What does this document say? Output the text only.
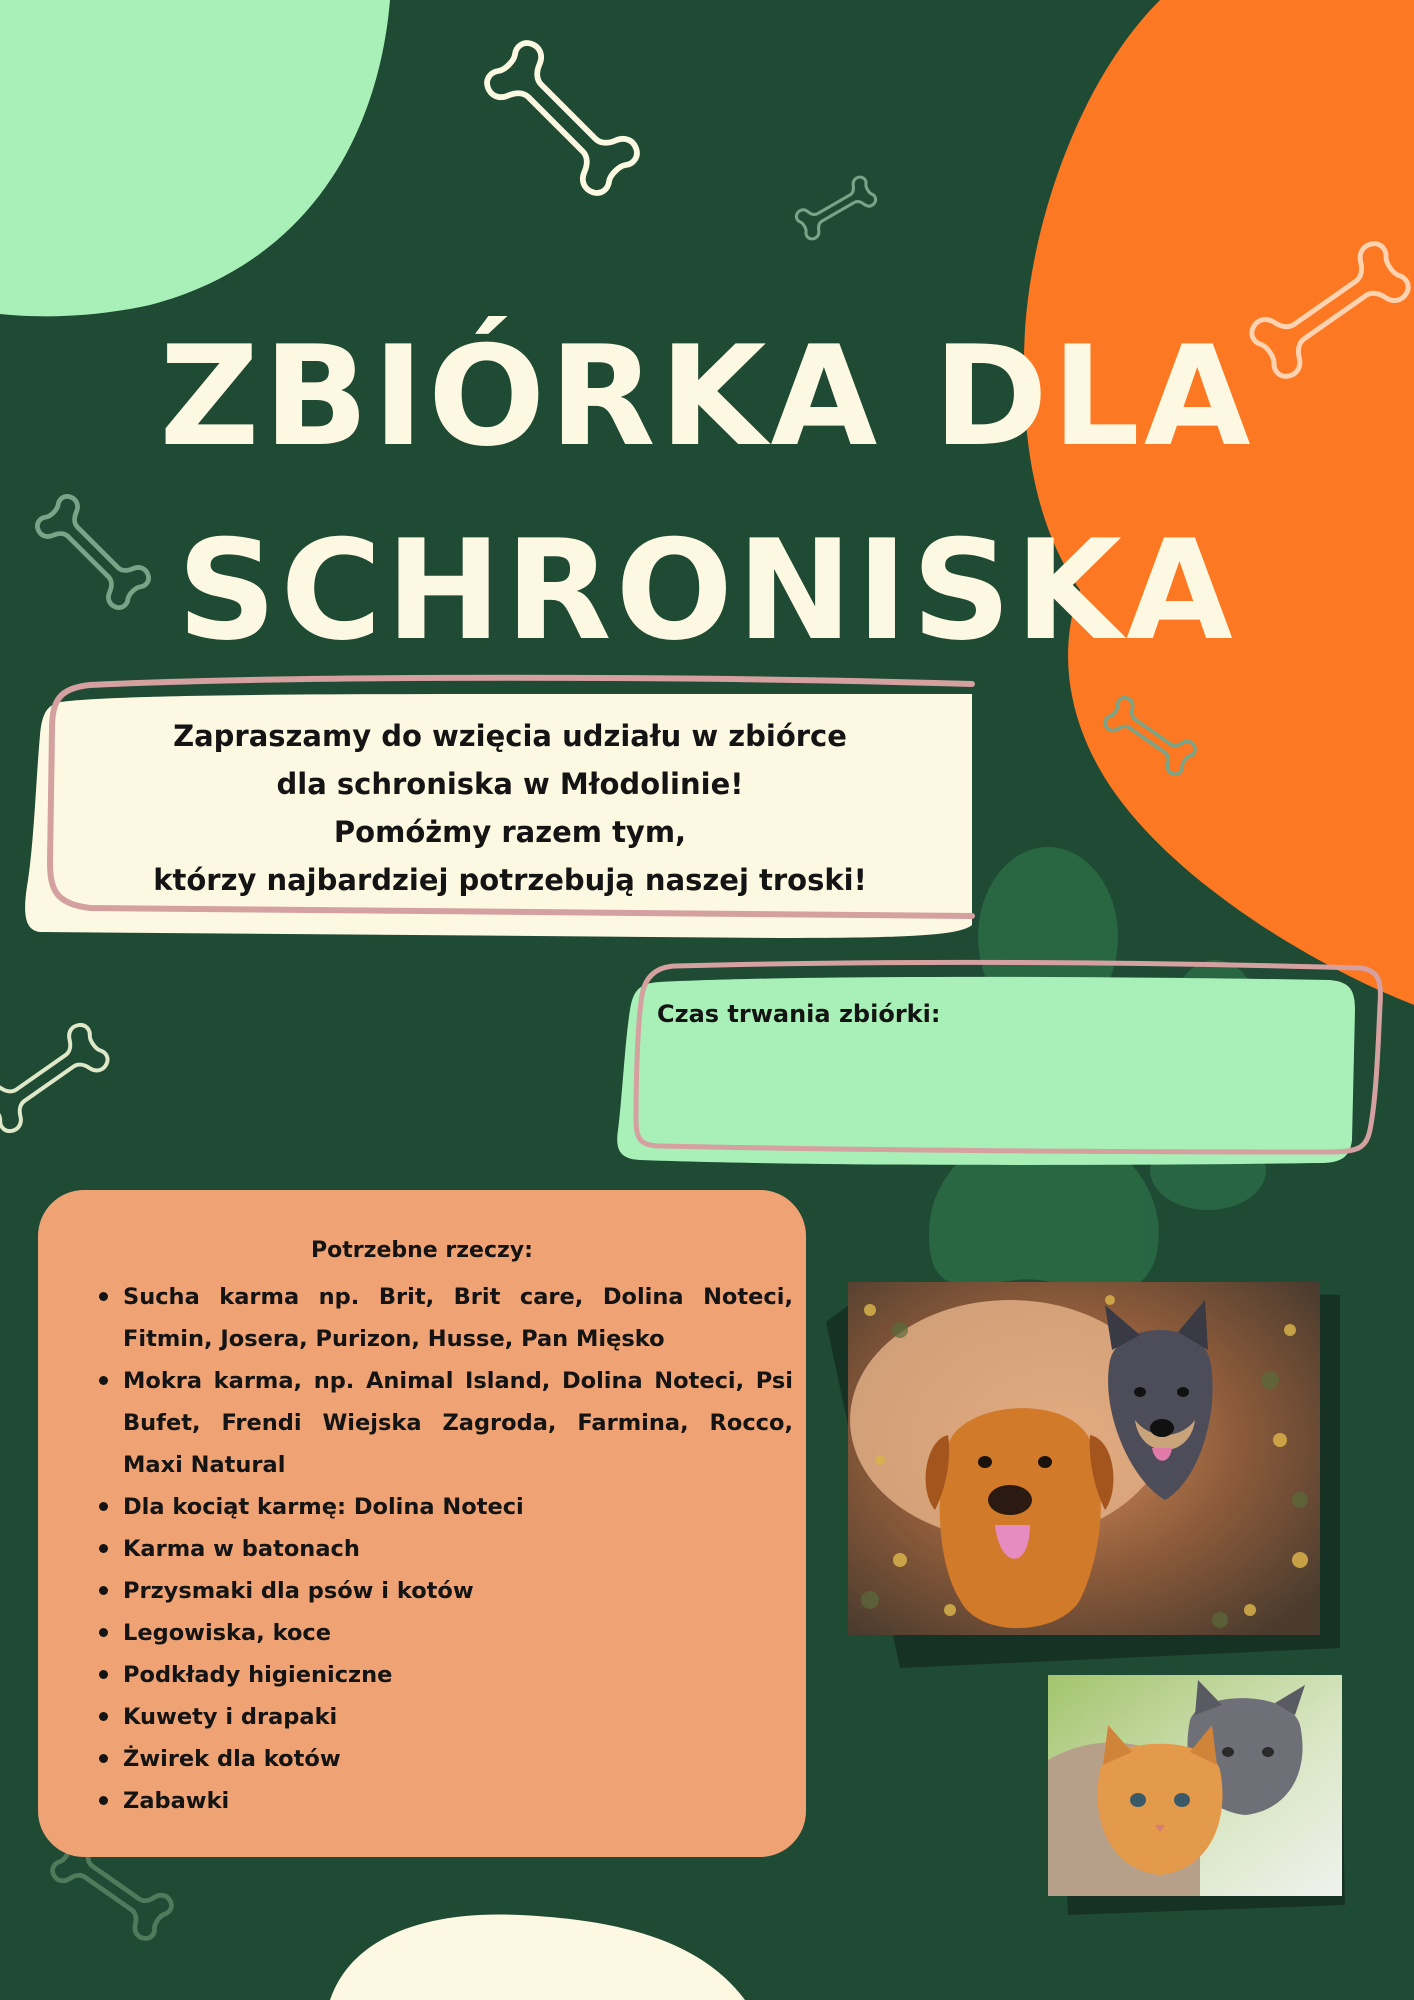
ZBIÓRKA DLA
SCHRONISKA
Zapraszamy do wzięcia udziału w zbiórce
dla schroniska w Młodolinie!
Pomóżmy razem tym,
którzy najbardziej potrzebują naszej troski!
Czas trwania zbiórki:
Potrzebne rzeczy:
Sucha karma np. Brit, Brit care, Dolina Noteci, Fitmin, Josera, Purizon, Husse, Pan Mięsko
Mokra karma, np. Animal Island, Dolina Noteci, Psi Bufet, Frendi Wiejska Zagroda, Farmina, Rocco, Maxi Natural
Dla kociąt karmę: Dolina Noteci
Karma w batonach
Przysmaki dla psów i kotów
Legowiska, koce
Podkłady higieniczne
Kuwety i drapaki
Żwirek dla kotów
Zabawki
